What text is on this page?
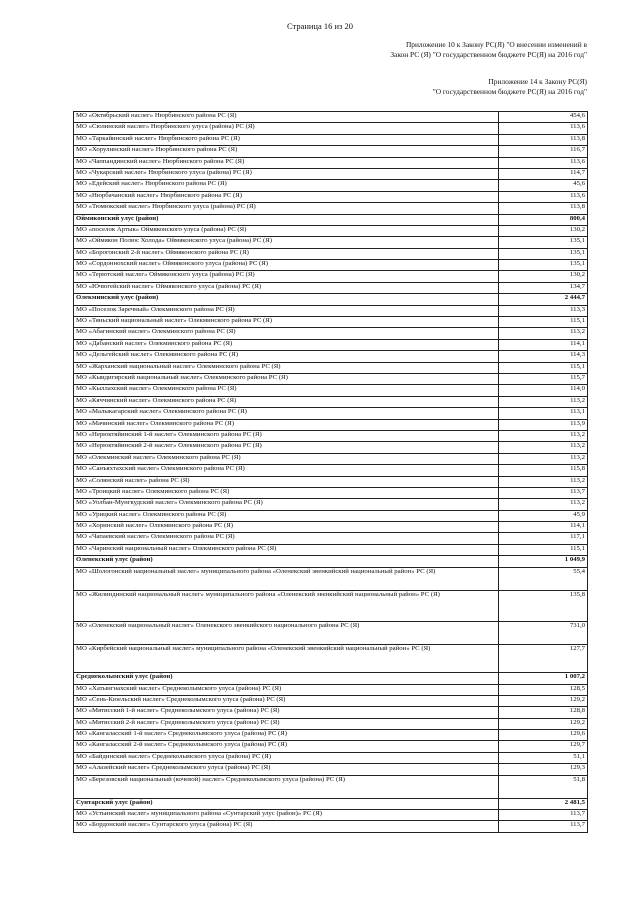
Страница 16 из 20
Приложение 10 к Закону РС(Я) "О внесении изменений в
Закон РС (Я) "О государственном бюджете РС(Я) на 2016 год"
Приложение 14 к Закону РС(Я)
"О государственном бюджете РС(Я) на 2016 год"
МО «Октябрьский наслег» Нюрбинского района РС (Я)	454,6
МО «Сюлинский наслег» Нюрбинского улуса (района) РС (Я)	113,6
МО «Таркайинский наслег» Нюрбинского района РС (Я)	113,8
МО «Хорулинский наслег» Нюрбинского района РС (Я)	116,7
МО «Чаппандинский наслег» Нюрбинского района РС (Я)	113,6
МО «Чукарский наслег» Нюрбинского улуса (района) РС (Я)	114,7
МО «Едейский наслег» Нюрбинского района РС (Я)	45,6
МО «Нюрбачанский наслег» Нюрбинского района РС (Я)	113,6
МО «Тюмюкский наслег» Нюрбинского улуса (района) РС (Я)	113,8
Оймяконский улус (район)	800,4
МО «поселок Артык» Оймяконского улуса (района) РС (Я)	130,2
МО «Оймякон Полюс Холода» Оймяконского улуса (района) РС (Я)	135,1
МО «Борогонский 2-й наслег» Оймяконского района РС (Я)	135,1
МО «Сордоннохский наслег» Оймяконского улуса (района) РС (Я)	135,1
МО «Терютский наслег» Оймяконского улуса (района) РС (Я)	130,2
МО «Ючюгейский наслег» Оймяконского улуса (района) РС (Я)	134,7
Олекминский улус (район)	2 444,7
МО «Поселок Заречный» Олекминского района РС (Я)	113,3
МО «Тяньский национальный наслег» Олекминского района РС (Я)	115,1
МО «Абагинский наслег» Олекминского района РС (Я)	113,2
МО «Дабанский наслег» Олекминского района РС (Я)	114,1
МО «Дельгейский наслег» Олекминского района РС (Я)	114,3
МО «Жарханский национальный наслег» Олекминского района РС (Я)	115,1
МО «Кыидигирский национальный наслег» Олекминского района РС (Я)	115,7
МО «Кыллахский наслег» Олекминского района РС (Я)	114,0
МО «Кяччинский наслег» Олекминского района РС (Я)	113,2
МО «Малыкагарский наслег» Олекминского района РС (Я)	113,1
МО «Мачинский наслег» Олекминского района РС (Я)	113,9
МО «Нерюктяйинский 1-й наслег» Олекминского района РС (Я)	113,2
МО «Нерюктяйинский 2-й наслег» Олекминского района РС (Я)	113,2
МО «Олекминский наслег» Олекминского района РС (Я)	113,2
МО «Санъяхтахский наслег» Олекминского района РС (Я)	115,8
МО «Солянский наслег» района РС (Я)	113,2
МО «Троицкий наслег» Олекминского района РС (Я)	113,7
МО «Уолбан-Мунгкудский наслег» Олекминского района РС (Я)	113,2
МО «Урицкий наслег» Олекминского района РС (Я)	45,9
МО «Хоринский наслег» Олекминского района РС (Я)	114,1
МО «Чапаевский наслег» Олекминского района РС (Я)	117,1
МО «Чаринский национальный наслег» Олекминского района РС (Я)	115,1
Оленекский улус (район)	1 049,9
МО «Шологонский национальный наслег» муниципального района «Оленекский эвенкийский национальный район» РС (Я)	55,4
МО «Жилиндинский национальный наслег» муниципального района «Оленекский эвенкийский национальный район» РС (Я)	135,8
МО «Оленекский национальный наслег» Оленекского эвенкийского национального района РС (Я)	731,0
МО «Кирбейский национальный наслег» муниципального района «Оленекский эвенкийский национальный район» РС (Я)	127,7
Среднеколымский улус (район)	1 007,2
МО «Хатынгнахский наслег» Среднеколымского улуса (района) РС (Я)	128,5
МО «Сень-Кюельский наслег» Среднеколымского улуса (района) РС (Я)	129,2
МО «Мятисский 1-й наслег» Среднеколымского улуса (района) РС (Я)	128,8
МО «Мятисский 2-й наслег» Среднеколымского улуса (района) РС (Я)	129,2
МО «Кангаласский 1-й наслег» Среднеколымского улуса (района) РС (Я)	129,6
МО «Кангаласский 2-й наслег» Среднеколымского улуса (района) РС (Я)	129,7
МО «Байдинский наслег» Среднеколымского улуса (района) РС (Я)	51,1
МО «Алазейский наслег» Среднеколымского улуса (района) РС (Я)	129,3
МО «Березовский национальный (кочевой) наслег» Среднеколымского улуса (района) РС (Я)	51,8
Сунтарский улус (район)	2 481,5
МО «Устьинский наслег» муниципального района «Сунтарский улус (район)» РС (Я)	113,7
МО «Бордонский наслег» Сунтарского улуса (района) РС (Я)	113,7
